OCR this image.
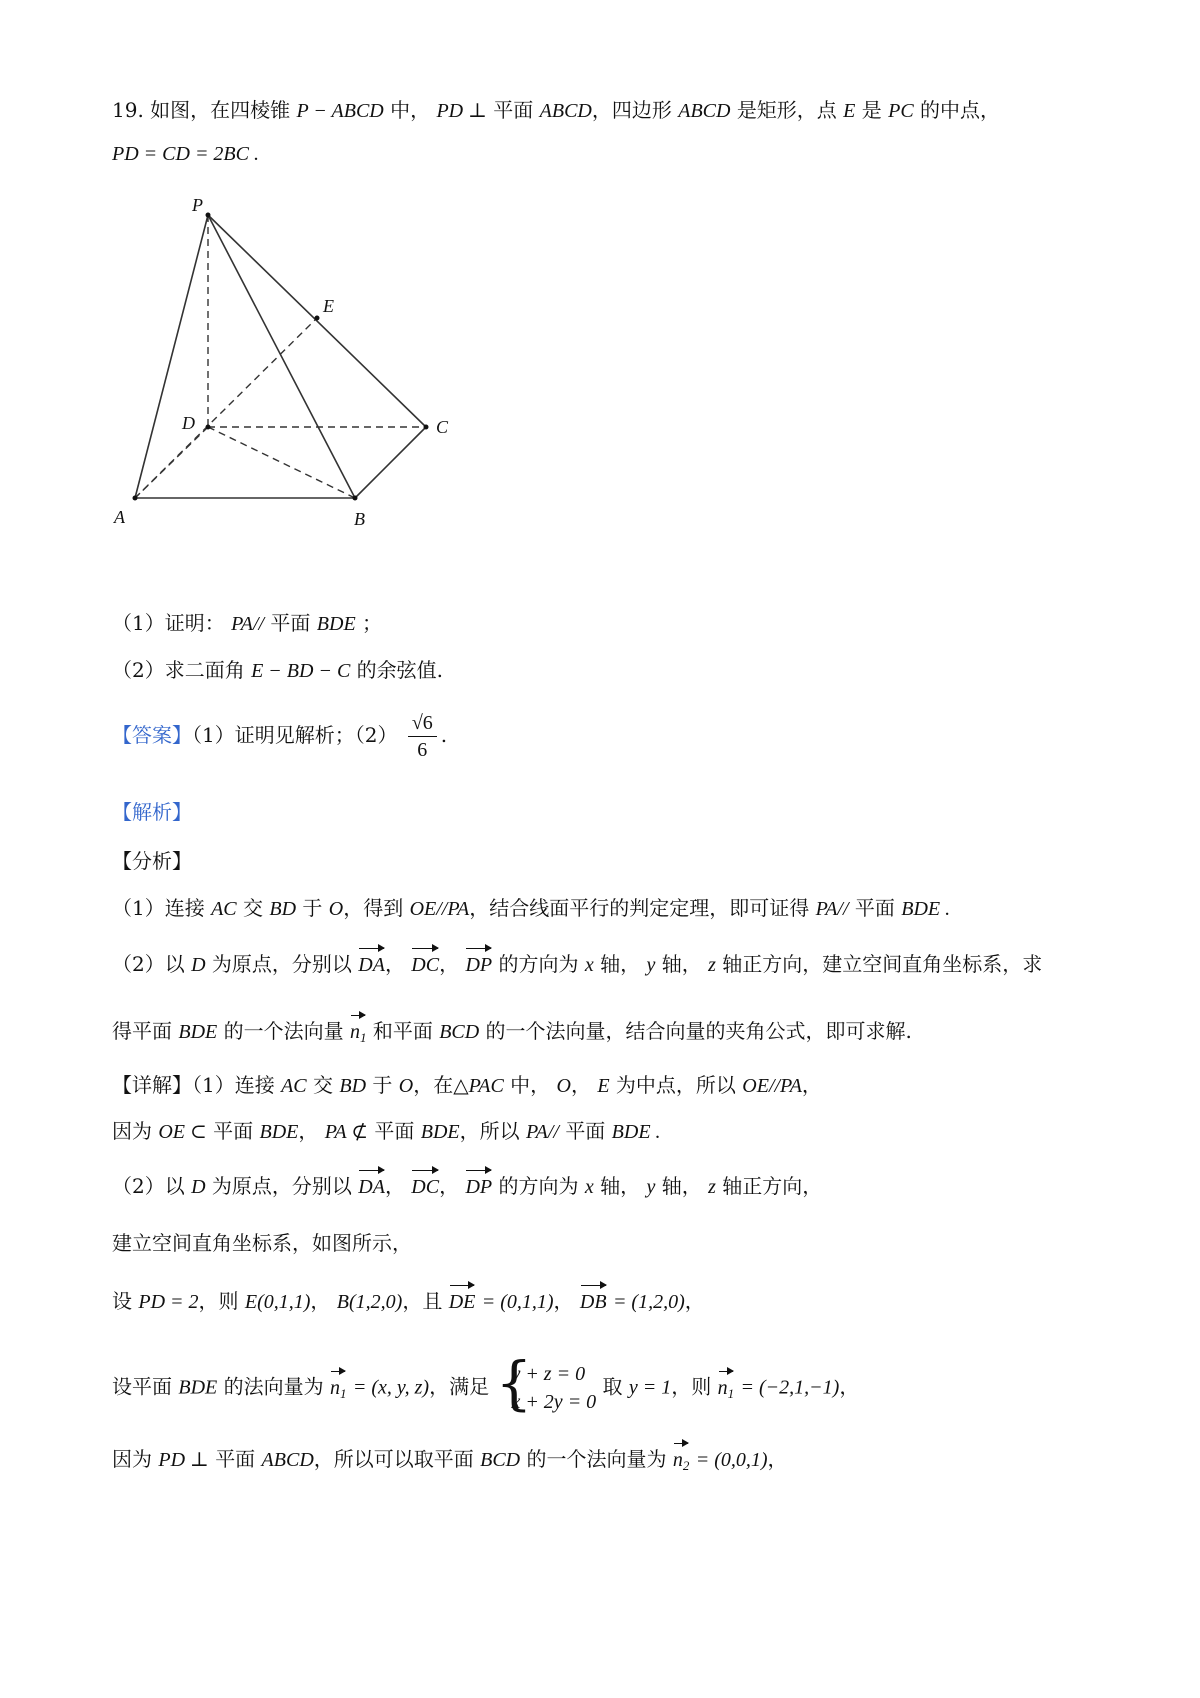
19. 如图，在四棱锥 P − ABCD 中， PD ⊥ 平面 ABCD，四边形 ABCD 是矩形，点 E 是 PC 的中点，
PD = CD = 2BC .
P
E
D	C
A	B
（1）证明： PA// 平面 BDE ；
（2）求二面角 E − BD − C 的余弦值.
【答案】（1）证明见解析；$(2) \frac{√6}{6}$ .
【解析】
【分析】
（1）连接 AC 交 BD 于 O，得到 OE//PA，结合线面平行的判定定理，即可证得 PA// 平面 BDE .
（2）以 D 为原点，分别以 DA， DC， DP 的方向为 x 轴， y 轴， z 轴正方向，建立空间直角坐标系，求
得平面 BDE 的一个法向量 $n_1$ 和平面 BCD 的一个法向量，结合向量的夹角公式，即可求解.
【详解】（1）连接 AC 交 BD 于 O，在△PAC 中， O， E 为中点，所以 OE//PA，
因为 OE ⊂ 平面 BDE， PA ⊄ 平面 BDE，所以 PA// 平面 BDE .
（2）以 D 为原点，分别以 DA， DC， DP 的方向为 x 轴， y 轴， z 轴正方向，
建立空间直角坐标系，如图所示，
设 PD = 2，则 E(0,1,1)， B(1,2,0)，且 DE = (0,1,1)， DB = (1,2,0)，
设平面 BDE 的法向量为 $n_1 = (x$, y, z)，满足 {
y + z = 0
x + 2y = 0
取 y = 1，则 $n_1 = (-2,1,-1)$，
因为 PD ⊥ 平面 ABCD，所以可以取平面 BCD 的一个法向量为 $n_2 = (0,0,1)$，
